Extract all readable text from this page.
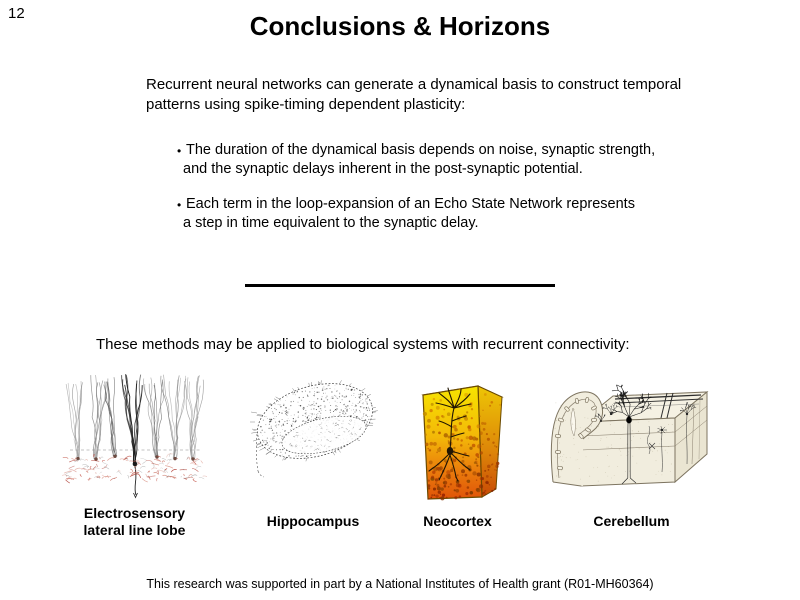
12	Conclusions & Horizons
Recurrent neural networks can generate a dynamical basis to construct temporal
patterns using spike-timing dependent plasticity:
• The duration of the dynamical basis depends on noise, synaptic strength,
and the synaptic delays inherent in the post-synaptic potential.
• Each term in the loop-expansion of an Echo State Network represents
a step in time equivalent to the synaptic delay.
These methods may be applied to biological systems with recurrent connectivity:
Electrosensory
lateral line lobe
Hippocampus	Neocortex	Cerebellum
This research was supported in part by a National Institutes of Health grant (R01-MH60364)
